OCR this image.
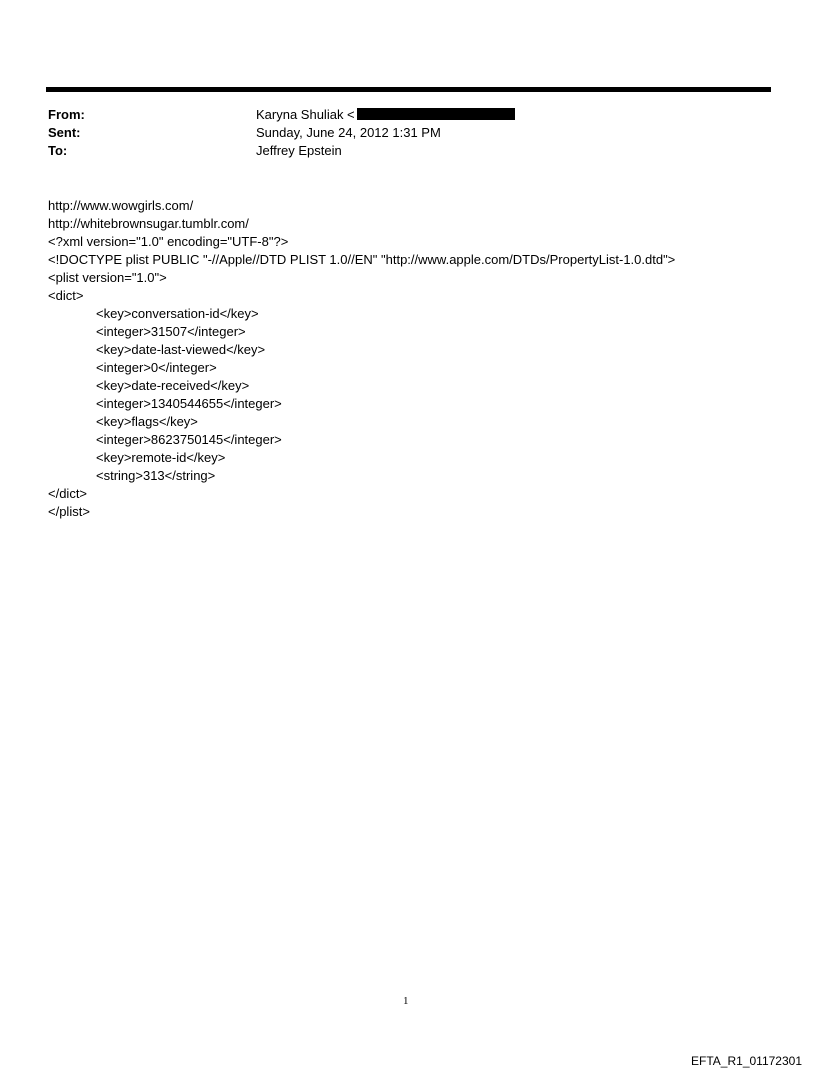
From:	Karyna Shuliak <
Sent:	Sunday, June 24, 2012 1:31 PM
To:	Jeffrey Epstein
http://www.wowgirls.com/
http://whitebrownsugar.tumblr.com/
<?xml version="1.0" encoding="UTF-8"?>
<!DOCTYPE plist PUBLIC "-//Apple//DTD PLIST 1.0//EN" "http://www.apple.com/DTDs/PropertyList-1.0.dtd">
<plist version="1.0">
<dict>
<key>conversation-id</key>
<integer>31507</integer>
<key>date-last-viewed</key>
<integer>0</integer>
<key>date-received</key>
<integer>1340544655</integer>
<key>flags</key>
<integer>8623750145</integer>
<key>remote-id</key>
<string>313</string>
</dict>
</plist>
1
EFTA_R1_01172301
